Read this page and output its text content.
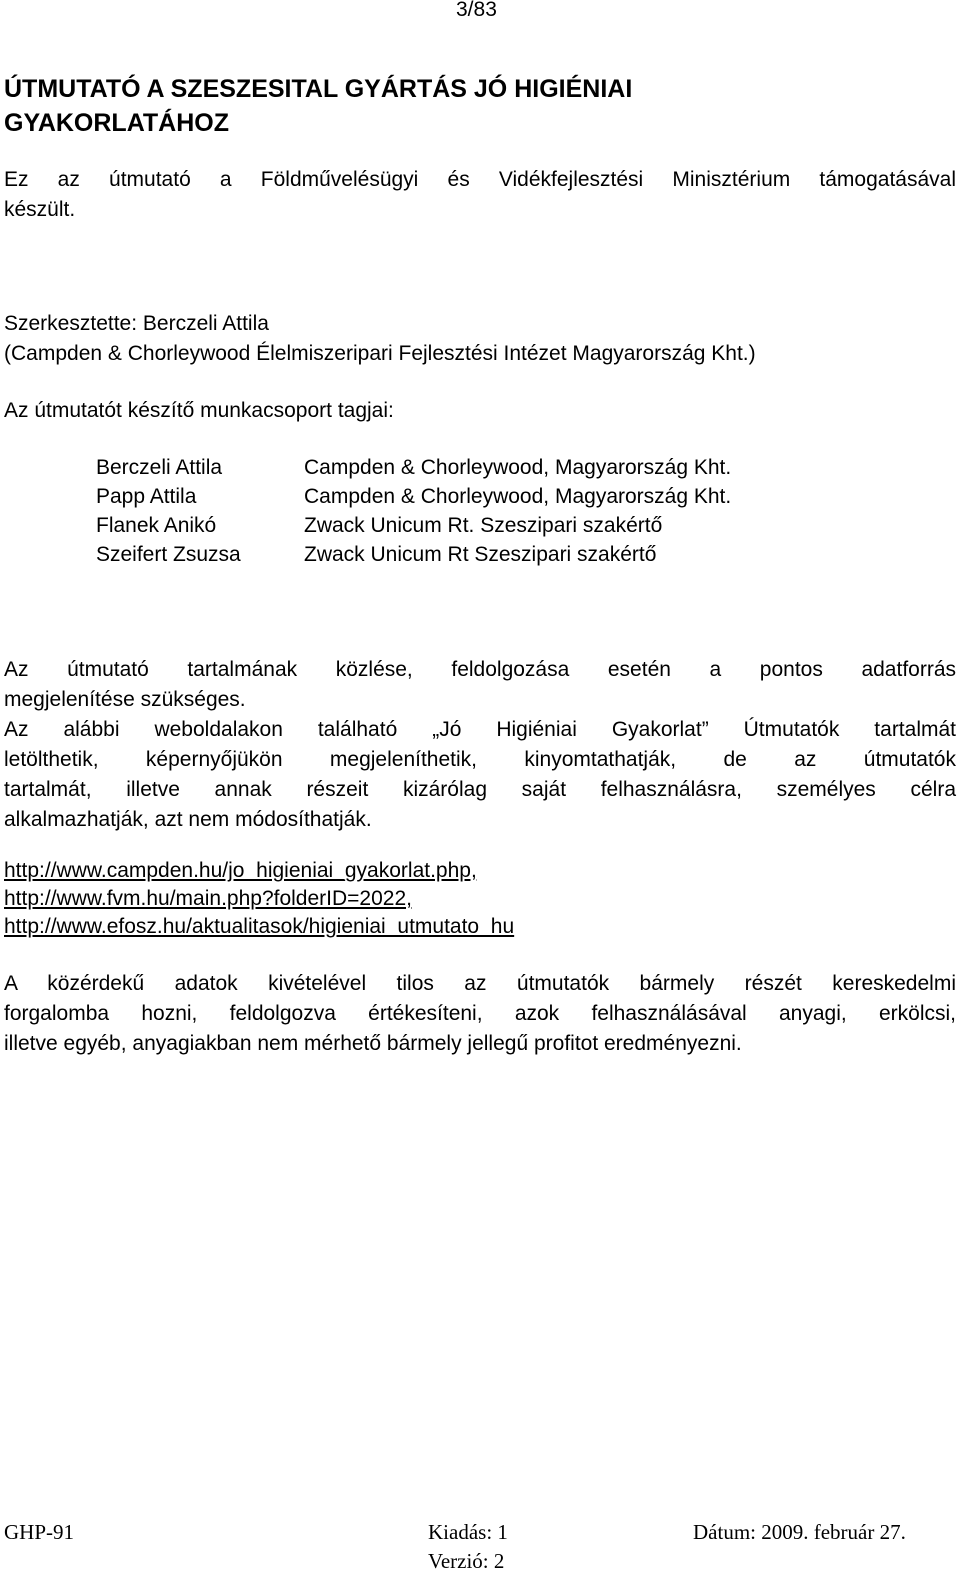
3/83
ÚTMUTATÓ A SZESZESITAL GYÁRTÁS JÓ HIGIÉNIAI
GYAKORLATÁHOZ
Ez az útmutató a Földművelésügyi és Vidékfejlesztési Minisztérium támogatásával
készült.
Szerkesztette: Berczeli Attila
(Campden & Chorleywood Élelmiszeripari Fejlesztési Intézet Magyarország Kht.)
Az útmutatót készítő munkacsoport tagjai:
Berczeli Attila	Campden & Chorleywood, Magyarország Kht.
Papp Attila	Campden & Chorleywood, Magyarország Kht.
Flanek Anikó	Zwack Unicum Rt. Szeszipari szakértő
Szeifert Zsuzsa	Zwack Unicum Rt Szeszipari szakértő
Az útmutató tartalmának közlése, feldolgozása esetén a pontos adatforrás
megjelenítése szükséges.
Az alábbi weboldalakon található „Jó Higiéniai Gyakorlat” Útmutatók tartalmát
letölthetik, képernyőjükön megjeleníthetik, kinyomtathatják, de az útmutatók
tartalmát, illetve annak részeit kizárólag saját felhasználásra, személyes célra
alkalmazhatják, azt nem módosíthatják.
http://www.campden.hu/jo_higieniai_gyakorlat.php,
http://www.fvm.hu/main.php?folderID=2022,
http://www.efosz.hu/aktualitasok/higieniai_utmutato_hu
A közérdekű adatok kivételével tilos az útmutatók bármely részét kereskedelmi
forgalomba hozni, feldolgozva értékesíteni, azok felhasználásával anyagi, erkölcsi,
illetve egyéb, anyagiakban nem mérhető bármely jellegű profitot eredményezni.
GHP-91	Kiadás: 1
Verzió: 2
Dátum: 2009. február 27.
